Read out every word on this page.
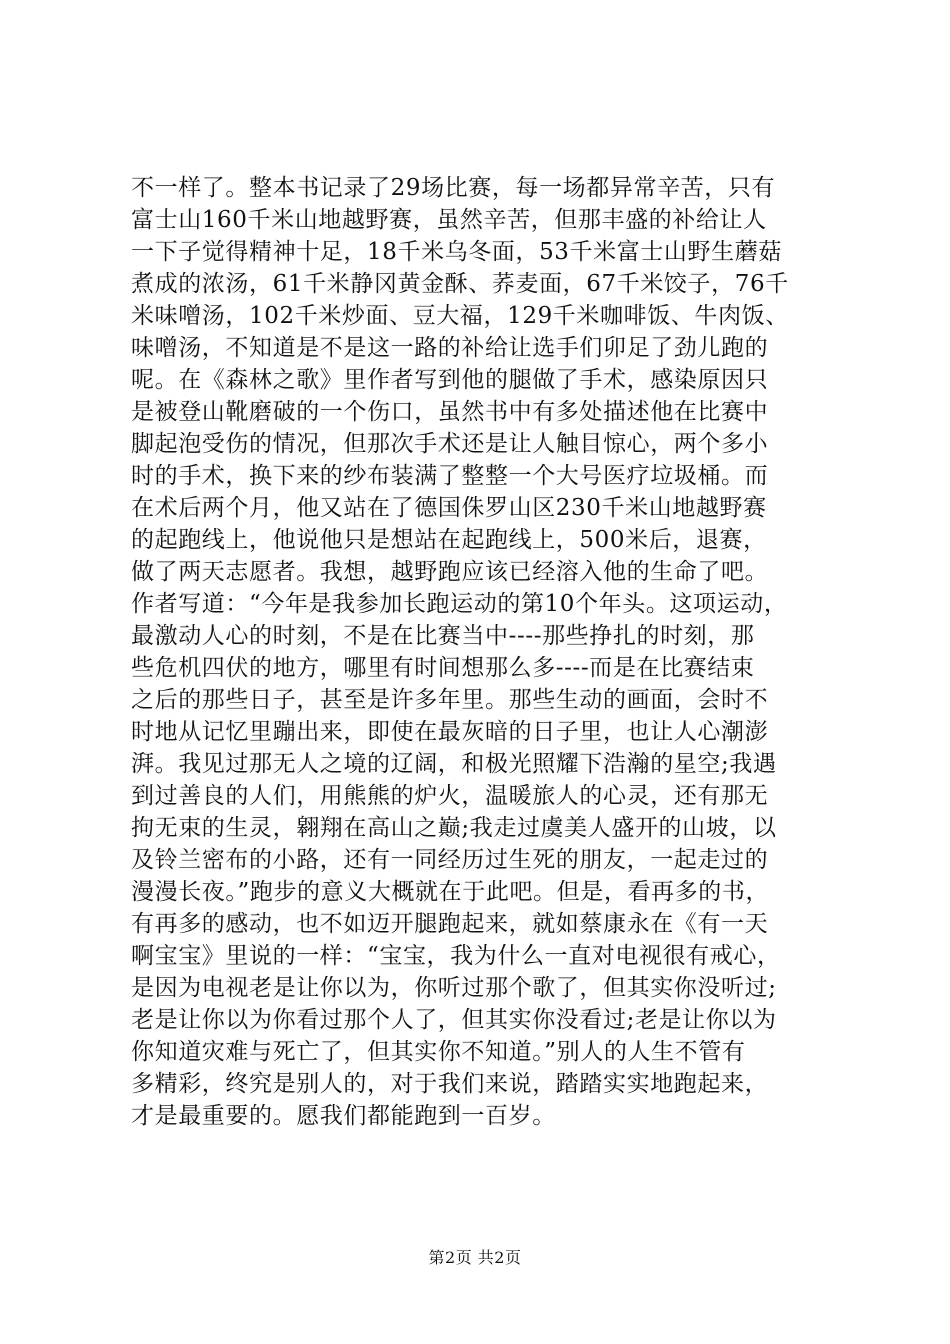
不一样了。整本书记录了29场比赛，每一场都异常辛苦，只有
富士山160千米山地越野赛，虽然辛苦，但那丰盛的补给让人
一下子觉得精神十足，18千米乌冬面，53千米富士山野生蘑菇
煮成的浓汤，61千米静冈黄金酥、荞麦面，67千米饺子，76千
米味噌汤，102千米炒面、豆大福，129千米咖啡饭、牛肉饭、
味噌汤，不知道是不是这一路的补给让选手们卯足了劲儿跑的
呢。在《森林之歌》里作者写到他的腿做了手术，感染原因只
是被登山靴磨破的一个伤口，虽然书中有多处描述他在比赛中
脚起泡受伤的情况，但那次手术还是让人触目惊心，两个多小
时的手术，换下来的纱布装满了整整一个大号医疗垃圾桶。而
在术后两个月，他又站在了德国侏罗山区230千米山地越野赛
的起跑线上，他说他只是想站在起跑线上，500米后，退赛，
做了两天志愿者。我想，越野跑应该已经溶入他的生命了吧。
作者写道：“今年是我参加长跑运动的第10个年头。这项运动，
最激动人心的时刻，不是在比赛当中----那些挣扎的时刻，那
些危机四伏的地方，哪里有时间想那么多----而是在比赛结束
之后的那些日子，甚至是许多年里。那些生动的画面，会时不
时地从记忆里蹦出来，即使在最灰暗的日子里，也让人心潮澎
湃。我见过那无人之境的辽阔，和极光照耀下浩瀚的星空;我遇
到过善良的人们，用熊熊的炉火，温暖旅人的心灵，还有那无
拘无束的生灵，翱翔在高山之巅;我走过虞美人盛开的山坡，以
及铃兰密布的小路，还有一同经历过生死的朋友，一起走过的
漫漫长夜。”跑步的意义大概就在于此吧。但是，看再多的书，
有再多的感动，也不如迈开腿跑起来，就如蔡康永在《有一天
啊宝宝》里说的一样：“宝宝，我为什么一直对电视很有戒心，
是因为电视老是让你以为，你听过那个歌了，但其实你没听过;
老是让你以为你看过那个人了，但其实你没看过;老是让你以为
你知道灾难与死亡了，但其实你不知道。”别人的人生不管有
多精彩，终究是别人的，对于我们来说，踏踏实实地跑起来，
才是最重要的。愿我们都能跑到一百岁。
第2页 共2页
